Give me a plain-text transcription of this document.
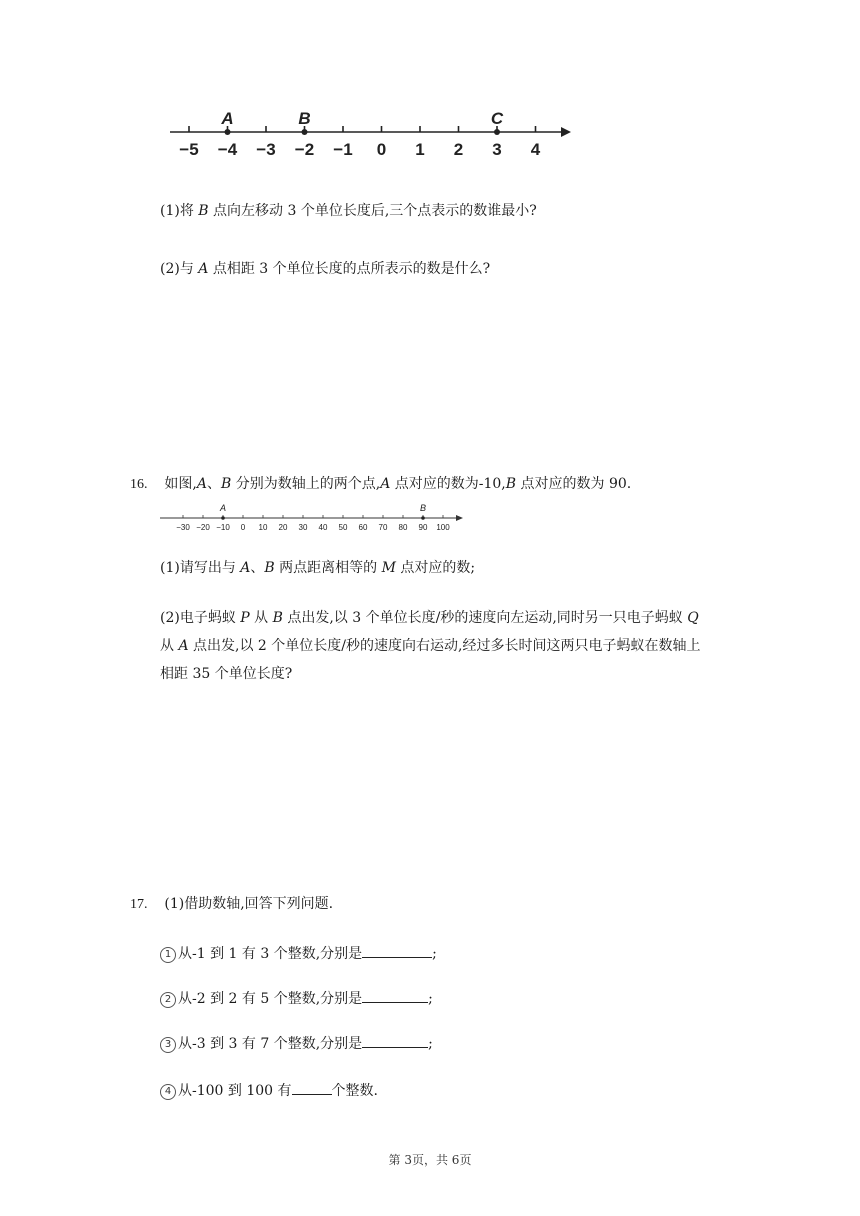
−5 −4 −3 −2 −1 0 1 2 3 4
A	B	C
(1)将 B 点向左移动 3 个单位长度后,三个点表示的数谁最小?
(2)与 A 点相距 3 个单位长度的点所表示的数是什么?
16. 如图,A、B 分别为数轴上的两个点,A 点对应的数为-10,B 点对应的数为 90.
−30 −20 −10 0 10 20 30 40 50 60 70 80 90 100
A	B
(1)请写出与 A、B 两点距离相等的 M 点对应的数;
(2)电子蚂蚁 P 从 B 点出发,以 3 个单位长度/秒的速度向左运动,同时另一只电子蚂蚁 Q
从 A 点出发,以 2 个单位长度/秒的速度向右运动,经过多长时间这两只电子蚂蚁在数轴上
相距 35 个单位长度?
17. (1)借助数轴,回答下列问题.
1 从-1 到 1 有 3 个整数,分别是	;
2 从-2 到 2 有 5 个整数,分别是	;
3 从-3 到 3 有 7 个整数,分别是	;
4 从-100 到 100 有	个整数.
第 3页，共 6页
